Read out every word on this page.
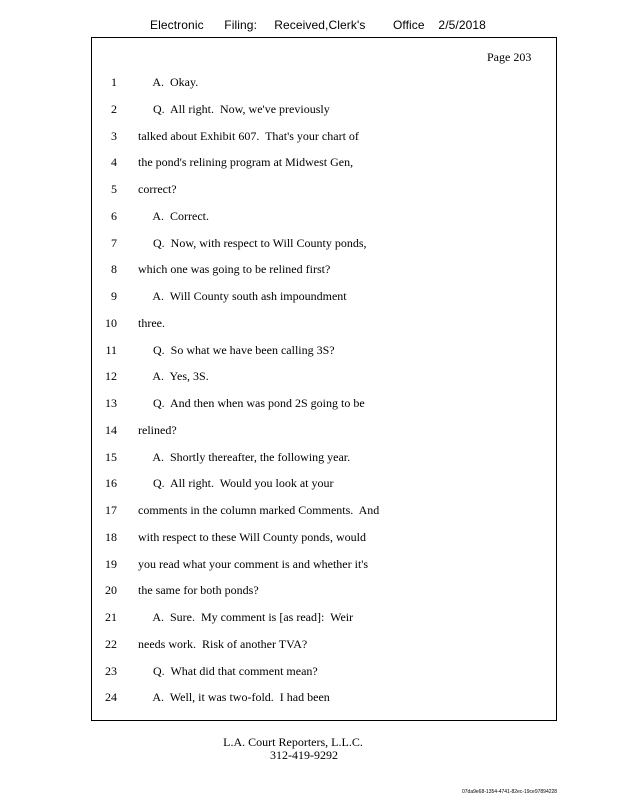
Electronic Filing: Received,Clerk's Office 2/5/2018
Page 203
1 A.  Okay.
2 Q.  All right.  Now, we've previously
3 talked about Exhibit 607.  That's your chart of
4 the pond's relining program at Midwest Gen,
5 correct?
6 A.  Correct.
7 Q.  Now, with respect to Will County ponds,
8 which one was going to be relined first?
9 A.  Will County south ash impoundment
10 three.
11 Q.  So what we have been calling 3S?
12 A.  Yes, 3S.
13 Q.  And then when was pond 2S going to be
14 relined?
15 A.  Shortly thereafter, the following year.
16 Q.  All right.  Would you look at your
17 comments in the column marked Comments.  And
18 with respect to these Will County ponds, would
19 you read what your comment is and whether it's
20 the same for both ponds?
21 A.  Sure.  My comment is [as read]:  Weir
22 needs work.  Risk of another TVA?
23 Q.  What did that comment mean?
24 A.  Well, it was two-fold.  I had been
L.A. Court Reporters, L.L.C.
312-419-9292
07da9e68-1354-4741-82ec-19ce97894228
